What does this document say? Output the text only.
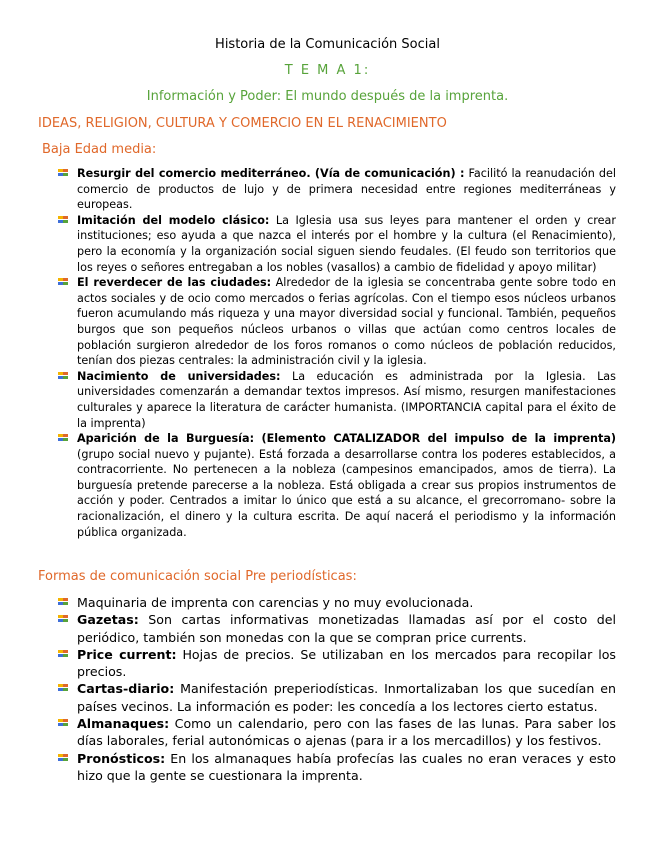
Historia de la Comunicación Social
T E M A 1:
Información y Poder: El mundo después de la imprenta.
IDEAS, RELIGION, CULTURA Y COMERCIO EN EL RENACIMIENTO
Baja Edad media:
Resurgir del comercio mediterráneo. (Vía de comunicación) : Facilitó la reanudación del comercio de productos de lujo y de primera necesidad entre regiones mediterráneas y europeas.
Imitación del modelo clásico: La Iglesia usa sus leyes para mantener el orden y crear instituciones; eso ayuda a que nazca el interés por el hombre y la cultura (el Renacimiento), pero la economía y la organización social siguen siendo feudales. (El feudo son territorios que los reyes o señores entregaban a los nobles (vasallos) a cambio de fidelidad y apoyo militar)
El reverdecer de las ciudades: Alrededor de la iglesia se concentraba gente sobre todo en actos sociales y de ocio como mercados o ferias agrícolas. Con el tiempo esos núcleos urbanos fueron acumulando más riqueza y una mayor diversidad social y funcional. También, pequeños burgos que son pequeños núcleos urbanos o villas que actúan como centros locales de población surgieron alrededor de los foros romanos o como núcleos de población reducidos, tenían dos piezas centrales: la administración civil y la iglesia.
Nacimiento de universidades: La educación es administrada por la Iglesia. Las universidades comenzarán a demandar textos impresos. Así mismo, resurgen manifestaciones culturales y aparece la literatura de carácter humanista. (IMPORTANCIA capital para el éxito de la imprenta)
Aparición de la Burguesía: (Elemento CATALIZADOR del impulso de la imprenta) (grupo social nuevo y pujante). Está forzada a desarrollarse contra los poderes establecidos, a contracorriente. No pertenecen a la nobleza (campesinos emancipados, amos de tierra). La burguesía pretende parecerse a la nobleza. Está obligada a crear sus propios instrumentos de acción y poder. Centrados a imitar lo único que está a su alcance, el grecorromano- sobre la racionalización, el dinero y la cultura escrita. De aquí nacerá el periodismo y la información pública organizada.
Formas de comunicación social Pre periodísticas:
Maquinaria de imprenta con carencias y no muy evolucionada.
Gazetas: Son cartas informativas monetizadas llamadas así por el costo del periódico, también son monedas con la que se compran price currents.
Price current: Hojas de precios. Se utilizaban en los mercados para recopilar los precios.
Cartas-diario: Manifestación preperiodísticas. Inmortalizaban los que sucedían en países vecinos. La información es poder: les concedía a los lectores cierto estatus.
Almanaques: Como un calendario, pero con las fases de las lunas. Para saber los días laborales, ferial autonómicas o ajenas (para ir a los mercadillos) y los festivos.
Pronósticos: En los almanaques había profecías las cuales no eran veraces y esto hizo que la gente se cuestionara la imprenta.
